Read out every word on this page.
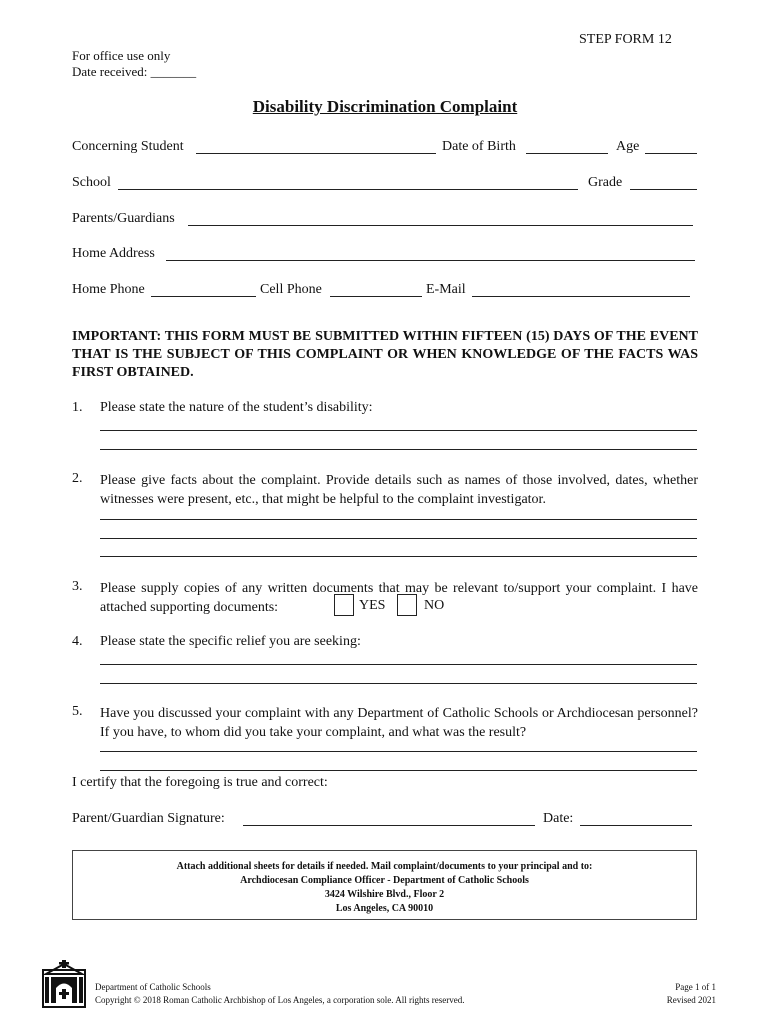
STEP FORM 12
For office use only
Date received: _______
Disability Discrimination Complaint
Concerning Student	Date of Birth	Age
School	Grade
Parents/Guardians
Home Address
Home Phone	Cell Phone	E-Mail
IMPORTANT: THIS FORM MUST BE SUBMITTED WITHIN FIFTEEN (15) DAYS OF THE EVENT THAT IS THE SUBJECT OF THIS COMPLAINT OR WHEN KNOWLEDGE OF THE FACTS WAS FIRST OBTAINED.
1. Please state the nature of the student’s disability:
2. Please give facts about the complaint. Provide details such as names of those involved, dates, whether witnesses were present, etc., that might be helpful to the complaint investigator.
3. Please supply copies of any written documents that may be relevant to/support your complaint. I have attached supporting documents:	YES	NO
4. Please state the specific relief you are seeking:
5. Have you discussed your complaint with any Department of Catholic Schools or Archdiocesan personnel? If you have, to whom did you take your complaint, and what was the result?
I certify that the foregoing is true and correct:
Parent/Guardian Signature:	Date:
Attach additional sheets for details if needed. Mail complaint/documents to your principal and to:
Archdiocesan Compliance Officer - Department of Catholic Schools
3424 Wilshire Blvd., Floor 2
Los Angeles, CA 90010
Department of Catholic Schools
Copyright © 2018 Roman Catholic Archbishop of Los Angeles, a corporation sole. All rights reserved.
Page 1 of 1
Revised 2021
